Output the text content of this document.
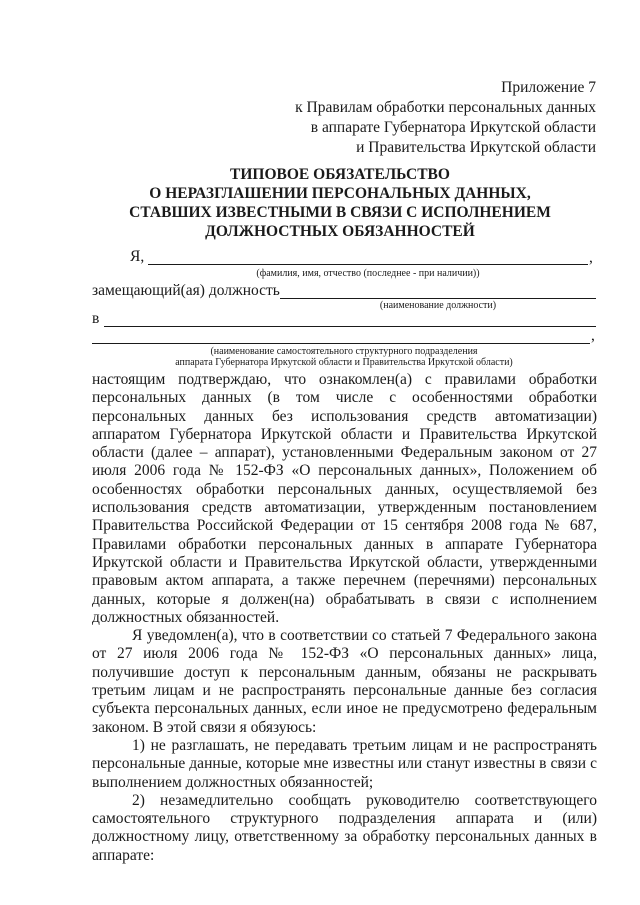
Приложение 7
к Правилам обработки персональных данных
в аппарате Губернатора Иркутской области
и Правительства Иркутской области
ТИПОВОЕ ОБЯЗАТЕЛЬСТВО
О НЕРАЗГЛАШЕНИИ ПЕРСОНАЛЬНЫХ ДАННЫХ,
СТАВШИХ ИЗВЕСТНЫМИ В СВЯЗИ С ИСПОЛНЕНИЕМ
ДОЛЖНОСТНЫХ ОБЯЗАННОСТЕЙ
Я,	,
(фамилия, имя, отчество (последнее - при наличии))
замещающий(ая) должность
(наименование должности)
в
,
(наименование самостоятельного структурного подразделения
аппарата Губернатора Иркутской области и Правительства Иркутской области)

настоящим подтверждаю, что ознакомлен(а) с правилами обработки персональных данных (в том числе с особенностями обработки персональных данных без использования средств автоматизации) аппаратом Губернатора Иркутской области и Правительства Иркутской области (далее – аппарат), установленными Федеральным законом от 27 июля 2006 года № 152-ФЗ «О персональных данных», Положением об особенностях обработки персональных данных, осуществляемой без использования средств автоматизации, утвержденным постановлением Правительства Российской Федерации от 15 сентября 2008 года № 687, Правилами обработки персональных данных в аппарате Губернатора Иркутской области и Правительства Иркутской области, утвержденными правовым актом аппарата, а также перечнем (перечнями) персональных данных, которые я должен(на) обрабатывать в связи с исполнением должностных обязанностей.

Я уведомлен(а), что в соответствии со статьей 7 Федерального закона от 27 июля 2006 года № 152-ФЗ «О персональных данных» лица, получившие доступ к персональным данным, обязаны не раскрывать третьим лицам и не распространять персональные данные без согласия субъекта персональных данных, если иное не предусмотрено федеральным законом. В этой связи я обязуюсь:

1) не разглашать, не передавать третьим лицам и не распространять персональные данные, которые мне известны или станут известны в связи с выполнением должностных обязанностей;

2) незамедлительно сообщать руководителю соответствующего самостоятельного структурного подразделения аппарата и (или) должностному лицу, ответственному за обработку персональных данных в аппарате:
